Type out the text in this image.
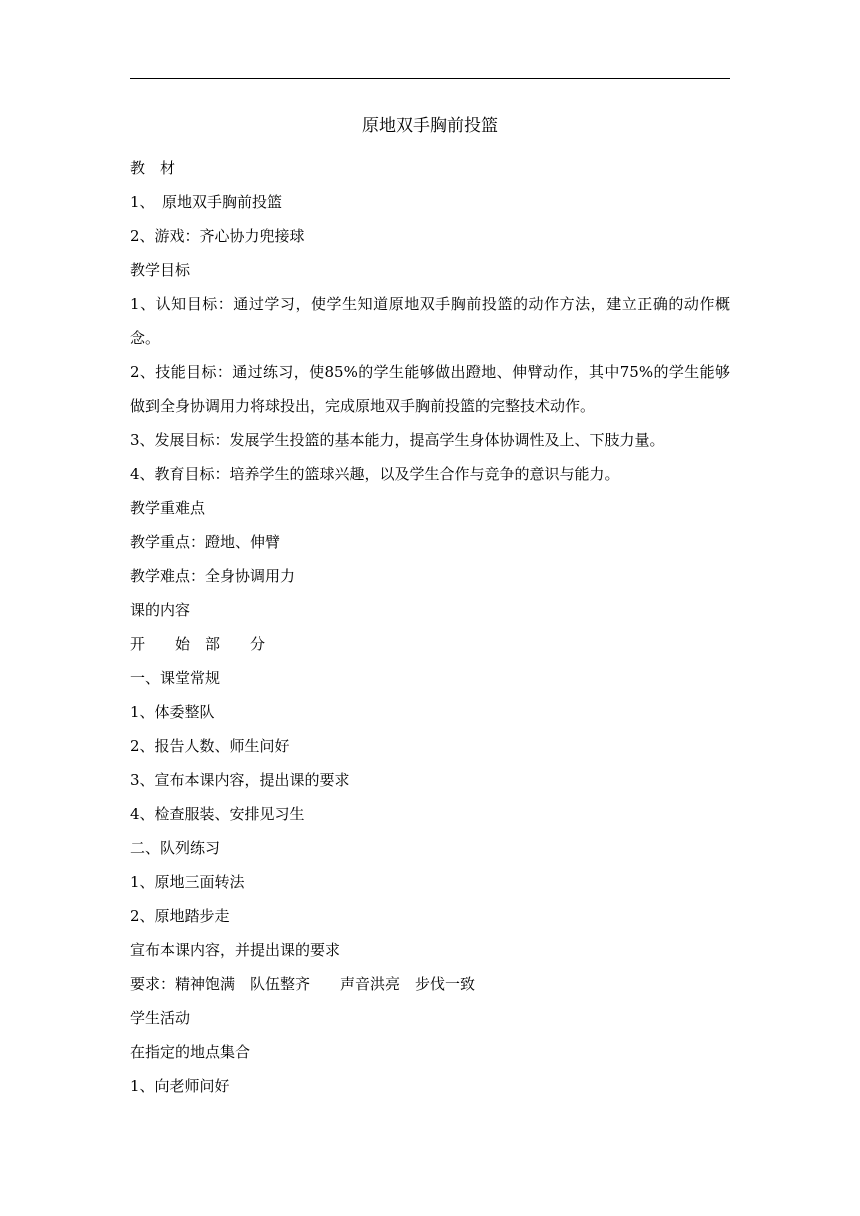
原地双手胸前投篮

教　材

1、　原地双手胸前投篮

2、游戏：齐心协力兜接球

教学目标

1、认知目标：通过学习，使学生知道原地双手胸前投篮的动作方法，建立正确的动作概念。

2、技能目标：通过练习，使85%的学生能够做出蹬地、伸臂动作，其中75%的学生能够做到全身协调用力将球投出，完成原地双手胸前投篮的完整技术动作。

3、发展目标：发展学生投篮的基本能力，提高学生身体协调性及上、下肢力量。

4、教育目标：培养学生的篮球兴趣，以及学生合作与竞争的意识与能力。

教学重难点

教学重点：蹬地、伸臂

教学难点：全身协调用力

课的内容

开　　始　部　　分

一、课堂常规

1、体委整队

2、报告人数、师生问好

3、宣布本课内容，提出课的要求

4、检查服装、安排见习生

二、队列练习

1、原地三面转法

2、原地踏步走

宣布本课内容，并提出课的要求

要求：精神饱满　队伍整齐　　声音洪亮　步伐一致

学生活动

在指定的地点集合

1、向老师问好
